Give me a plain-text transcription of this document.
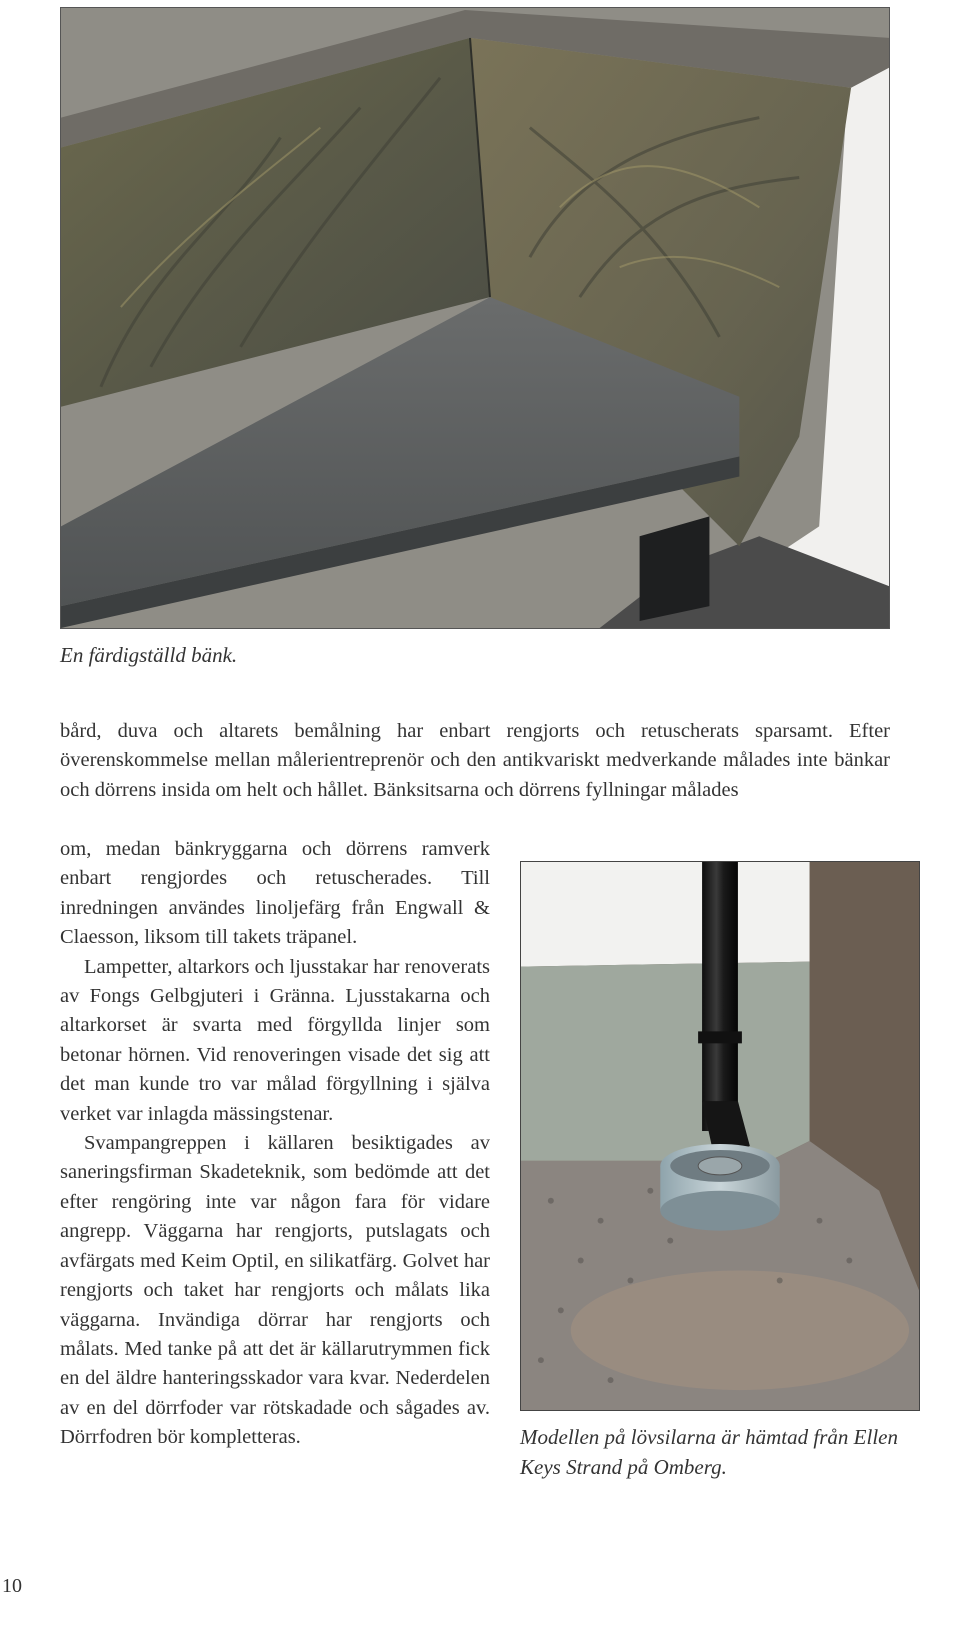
En färdigställd bänk.

bård, duva och altarets bemålning har enbart rengjorts och retuscherats sparsamt. Efter överenskommelse mellan målerientreprenör och den antikvariskt medverkande målades inte bänkar och dörrens insida om helt och hållet. Bänksitsarna och dörrens fyllningar målades

om, medan bänkryggarna och dörrens ramverk enbart rengjordes och retuscherades. Till inredningen användes linoljefärg från Engwall & Claesson, liksom till takets träpanel.

Lampetter, altarkors och ljusstakar har renoverats av Fongs Gelbgjuteri i Gränna. Ljusstakarna och altarkorset är svarta med förgyllda linjer som betonar hörnen. Vid renoveringen visade det sig att det man kunde tro var målad förgyllning i själva verket var inlagda mässingstenar.

Svampangreppen i källaren besiktigades av saneringsfirman Skadeteknik, som bedömde att det efter rengöring inte var någon fara för vidare angrepp. Väggarna har rengjorts, putslagats och avfärgats med Keim Optil, en silikatfärg. Golvet har rengjorts och taket har rengjorts och målats lika väggarna. Invändiga dörrar har rengjorts och målats. Med tanke på att det är källarutrymmen fick en del äldre hanteringsskador vara kvar. Nederdelen av en del dörrfoder var rötskadade och sågades av. Dörrfodren bör kompletteras.	Modellen på lövsilarna är hämtad från Ellen Keys Strand på Omberg.
10
